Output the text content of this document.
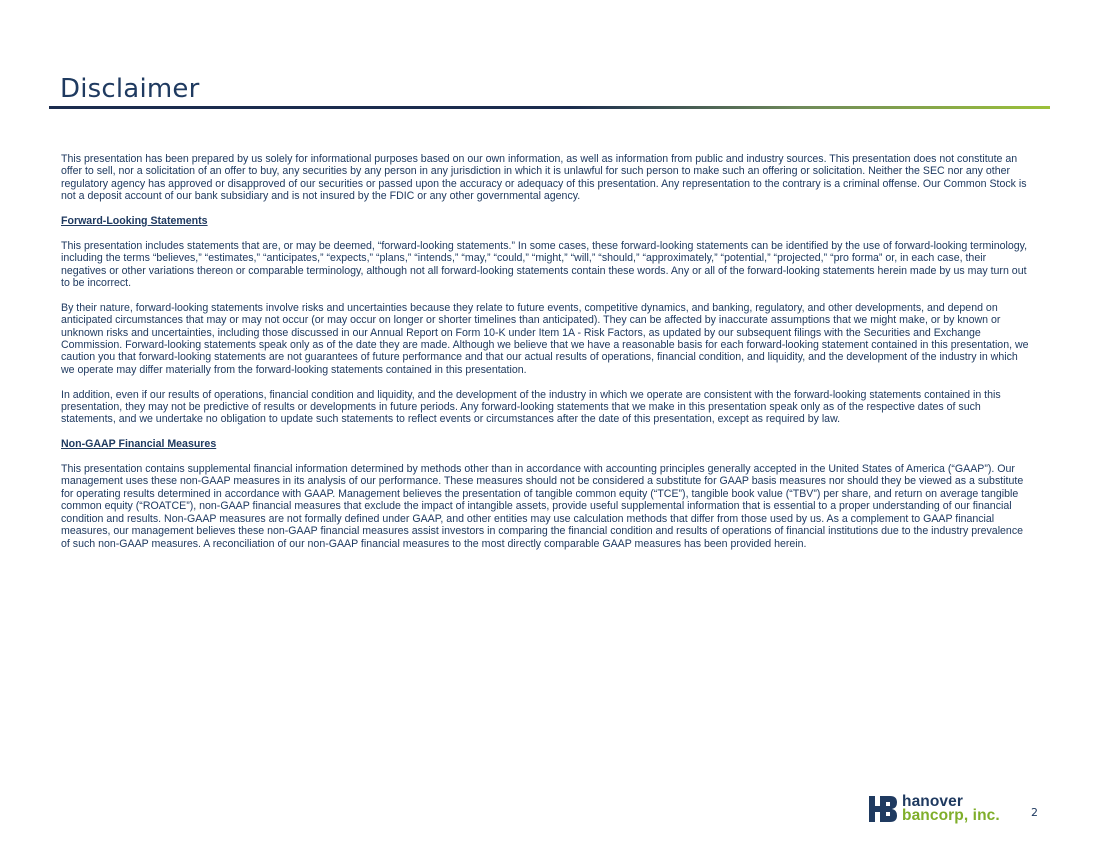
Disclaimer

This presentation has been prepared by us solely for informational purposes based on our own information, as well as information from public and industry sources. This presentation does not constitute an offer to sell, nor a solicitation of an offer to buy, any securities by any person in any jurisdiction in which it is unlawful for such person to make such an offering or solicitation. Neither the SEC nor any other regulatory agency has approved or disapproved of our securities or passed upon the accuracy or adequacy of this presentation. Any representation to the contrary is a criminal offense. Our Common Stock is not a deposit account of our bank subsidiary and is not insured by the FDIC or any other governmental agency.

Forward-Looking Statements

This presentation includes statements that are, or may be deemed, “forward-looking statements.” In some cases, these forward-looking statements can be identified by the use of forward-looking terminology, including the terms “believes,” “estimates,” “anticipates,” “expects,” “plans,” “intends,” “may,” “could,” “might,” “will,” “should,” “approximately,” “potential,” “projected,” “pro forma” or, in each case, their negatives or other variations thereon or comparable terminology, although not all forward-looking statements contain these words. Any or all of the forward-looking statements herein made by us may turn out to be incorrect.

By their nature, forward-looking statements involve risks and uncertainties because they relate to future events, competitive dynamics, and banking, regulatory, and other developments, and depend on anticipated circumstances that may or may not occur (or may occur on longer or shorter timelines than anticipated). They can be affected by inaccurate assumptions that we might make, or by known or unknown risks and uncertainties, including those discussed in our Annual Report on Form 10-K under Item 1A - Risk Factors, as updated by our subsequent filings with the Securities and Exchange Commission. Forward-looking statements speak only as of the date they are made. Although we believe that we have a reasonable basis for each forward-looking statement contained in this presentation, we caution you that forward-looking statements are not guarantees of future performance and that our actual results of operations, financial condition, and liquidity, and the development of the industry in which we operate may differ materially from the forward-looking statements contained in this presentation.

In addition, even if our results of operations, financial condition and liquidity, and the development of the industry in which we operate are consistent with the forward-looking statements contained in this presentation, they may not be predictive of results or developments in future periods. Any forward-looking statements that we make in this presentation speak only as of the respective dates of such statements, and we undertake no obligation to update such statements to reflect events or circumstances after the date of this presentation, except as required by law.

Non-GAAP Financial Measures

This presentation contains supplemental financial information determined by methods other than in accordance with accounting principles generally accepted in the United States of America (“GAAP”). Our management uses these non-GAAP measures in its analysis of our performance. These measures should not be considered a substitute for GAAP basis measures nor should they be viewed as a substitute for operating results determined in accordance with GAAP. Management believes the presentation of tangible common equity (“TCE”), tangible book value (“TBV”) per share, and return on average tangible common equity (“ROATCE”), non-GAAP financial measures that exclude the impact of intangible assets, provide useful supplemental information that is essential to a proper understanding of our financial condition and results. Non-GAAP measures are not formally defined under GAAP, and other entities may use calculation methods that differ from those used by us. As a complement to GAAP financial measures, our management believes these non-GAAP financial measures assist investors in comparing the financial condition and results of operations of financial institutions due to the industry prevalence of such non-GAAP measures. A reconciliation of our non-GAAP financial measures to the most directly comparable GAAP measures has been provided herein.

hanover
bancorp, inc.	2
